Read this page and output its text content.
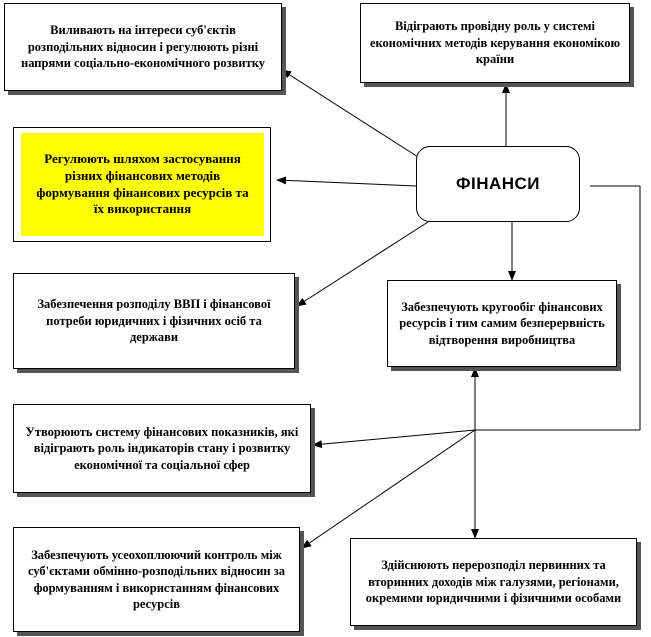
Виливають на інтереси суб'єктів розподільних відносин і регулюють різні напрями соціально-економічного розвитку
Відіграють провідну роль у системі економічних методів керування економікою країни
Регулюють шляхом застосування різних фінансових методів формування фінансових ресурсів та їх використання
ФІНАНСИ
Забезпечення розподілу ВВП і фінансової потреби юридичних і фізичних осіб та держави
Забезпечують кругообіг фінансових ресурсів і тим самим безперервність відтворення виробництва
Утворюють систему фінансових показників, які відіграють роль індикаторів стану і розвитку економічної та соціальної сфер
Забезпечують усеохоплюючий контроль між суб'єктами обмінно-розподільних відносин за формуванням і використанням фінансових ресурсів
Здійснюють перерозподіл первинних та вторинних доходів між галузями, регіонами, окремими юридичними і фізичними особами
